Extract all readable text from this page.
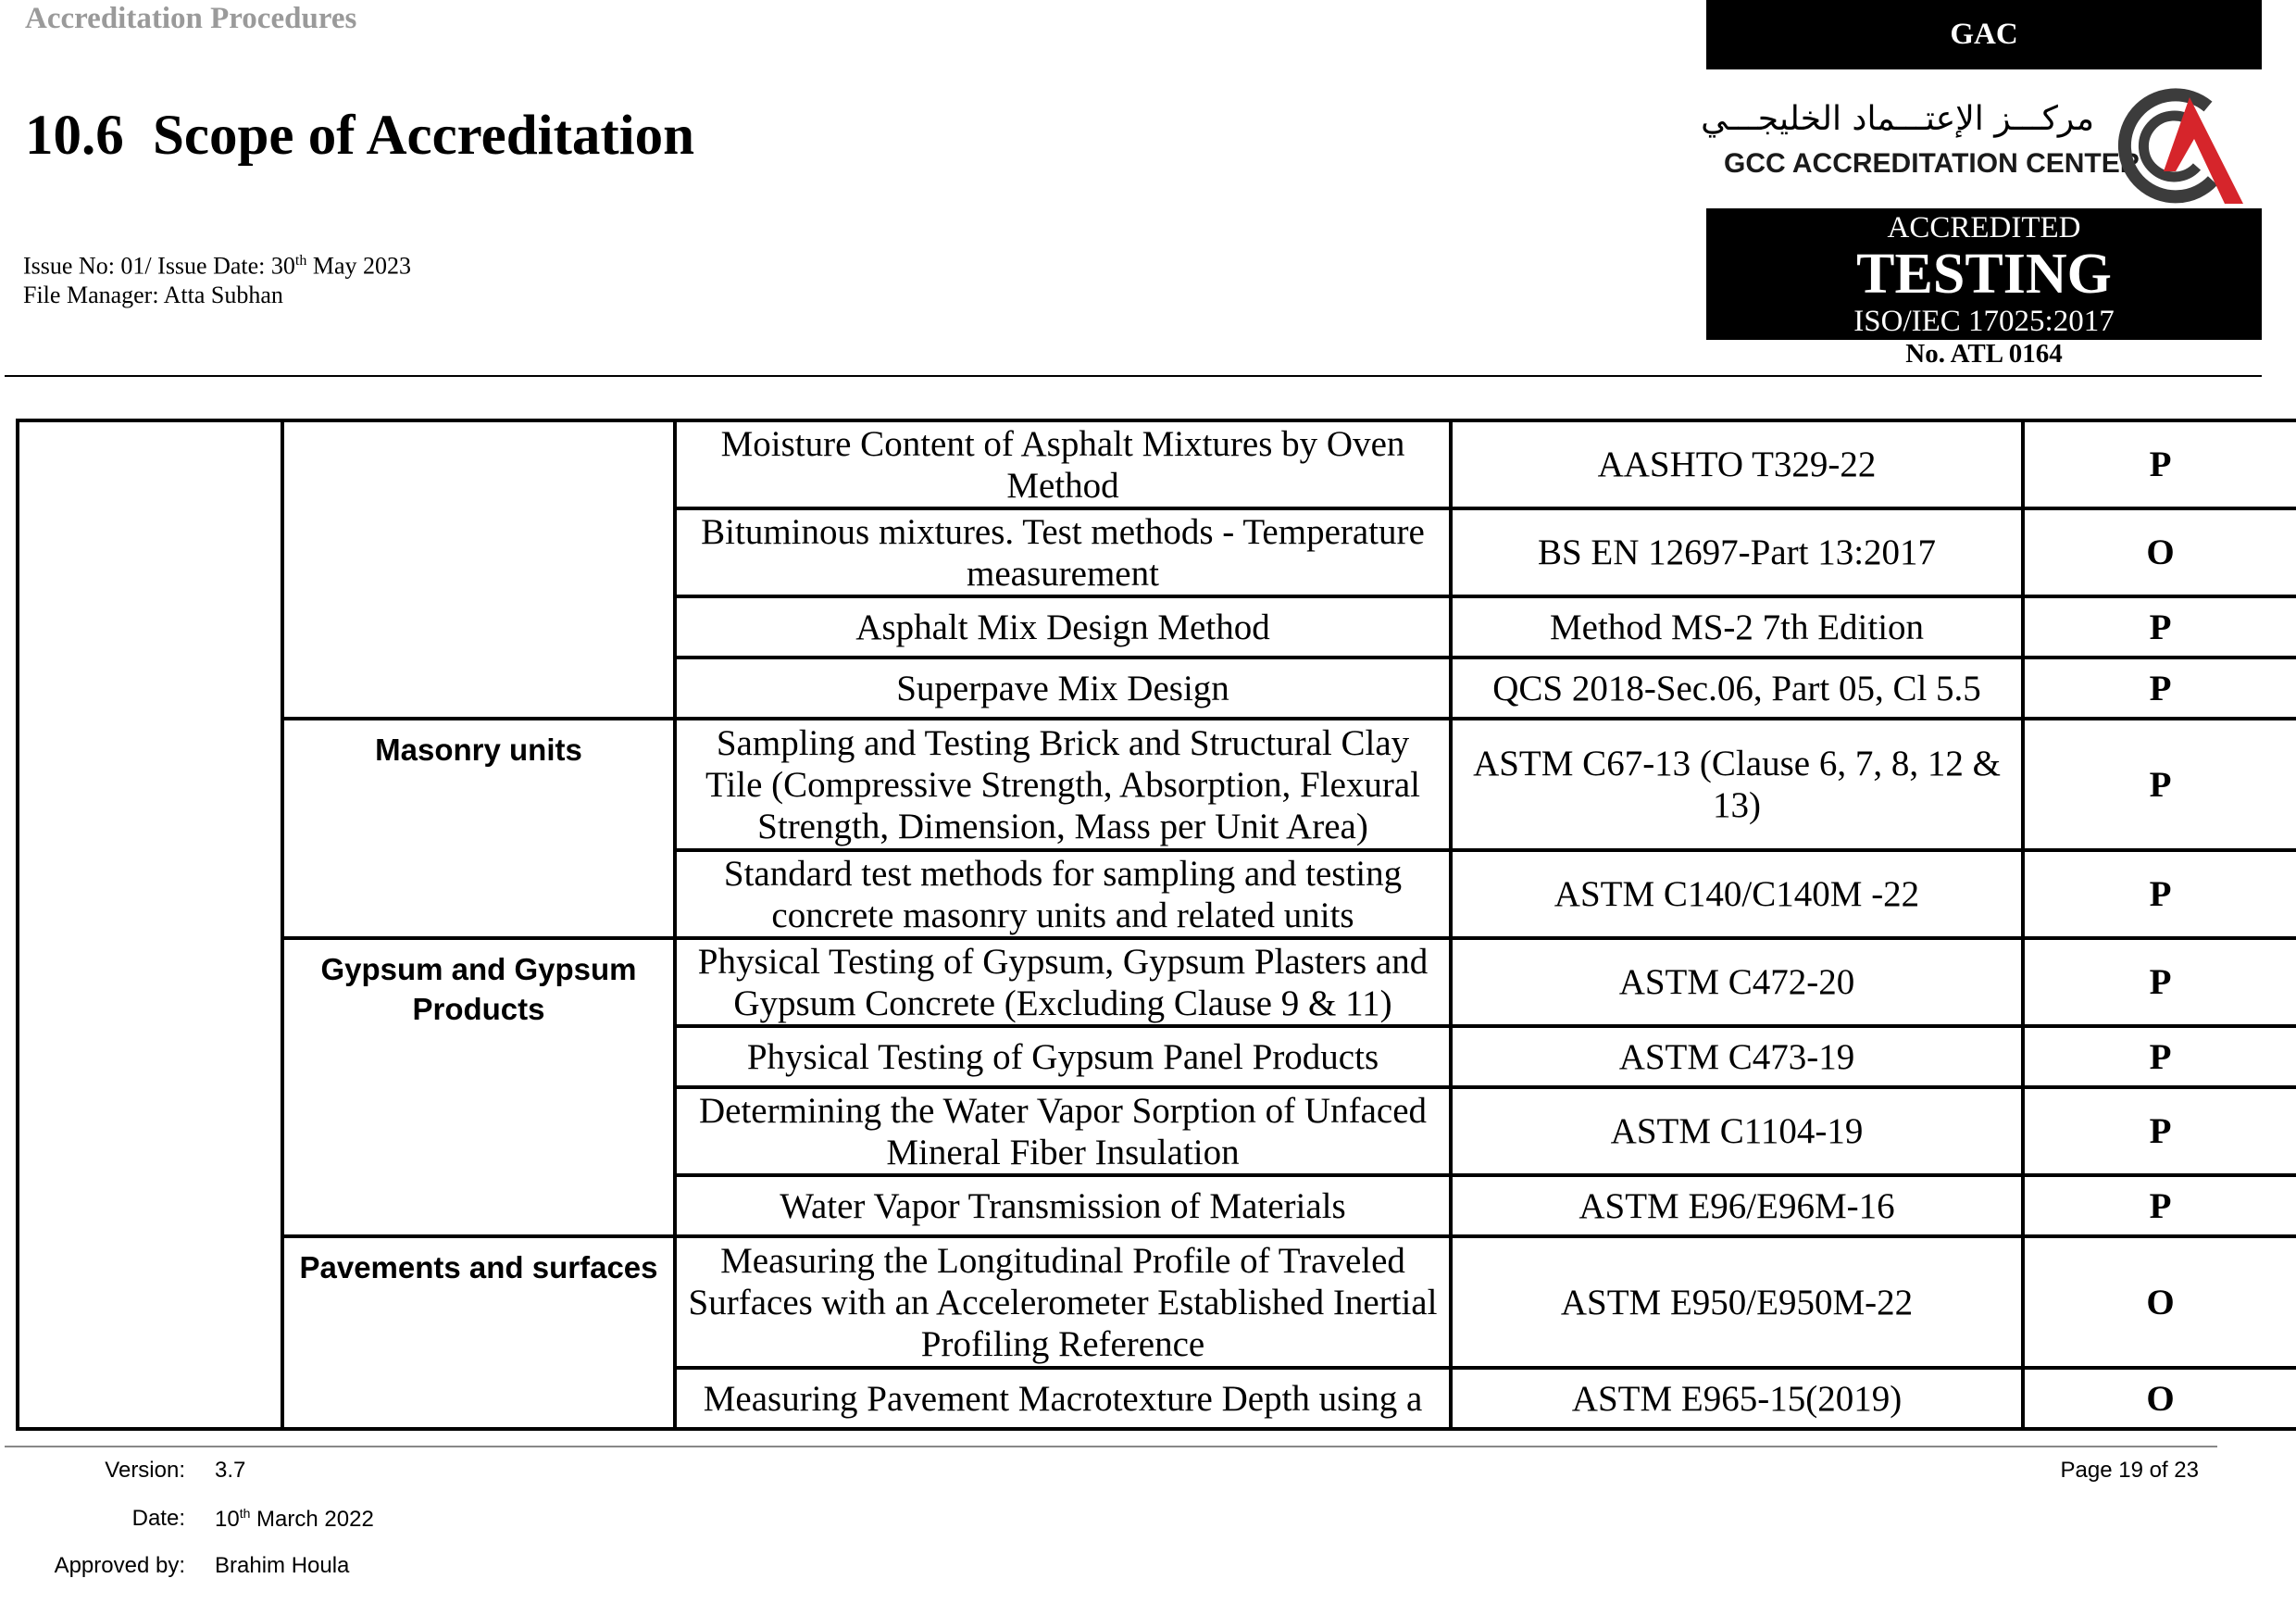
Accreditation Procedures
10.6 Scope of Accreditation
Issue No: 01/ Issue Date: 30th May 2023
File Manager: Atta Subhan
GAC
مركـــز الإعتـــماد الخليجـــي
GCC ACCREDITATION CENTER
ACCREDITED
TESTING
ISO/IEC 17025:2017
No. ATL 0164
		Moisture Content of Asphalt Mixtures by Oven Method	AASHTO T329-22	P
		Bituminous mixtures. Test methods - Temperature measurement	BS EN 12697-Part 13:2017	O
		Asphalt Mix Design Method	Method MS-2 7th Edition	P
		Superpave Mix Design	QCS 2018-Sec.06, Part 05, Cl 5.5	P
	Masonry units	Sampling and Testing Brick and Structural Clay Tile (Compressive Strength, Absorption, Flexural Strength, Dimension, Mass per Unit Area)	ASTM C67-13 (Clause 6, 7, 8, 12 & 13)	P
		Standard test methods for sampling and testing concrete masonry units and related units	ASTM C140/C140M -22	P
	Gypsum and Gypsum Products	Physical Testing of Gypsum, Gypsum Plasters and Gypsum Concrete (Excluding Clause 9 & 11)	ASTM C472-20	P
		Physical Testing of Gypsum Panel Products	ASTM C473-19	P
		Determining the Water Vapor Sorption of Unfaced Mineral Fiber Insulation	ASTM C1104-19	P
		Water Vapor Transmission of Materials	ASTM E96/E96M-16	P
	Pavements and surfaces	Measuring the Longitudinal Profile of Traveled Surfaces with an Accelerometer Established Inertial Profiling Reference	ASTM E950/E950M-22	O
		Measuring Pavement Macrotexture Depth using a	ASTM E965-15(2019)	O
Version: 3.7
Date: 10th March 2022
Approved by: Brahim Houla
Page 19 of 23
